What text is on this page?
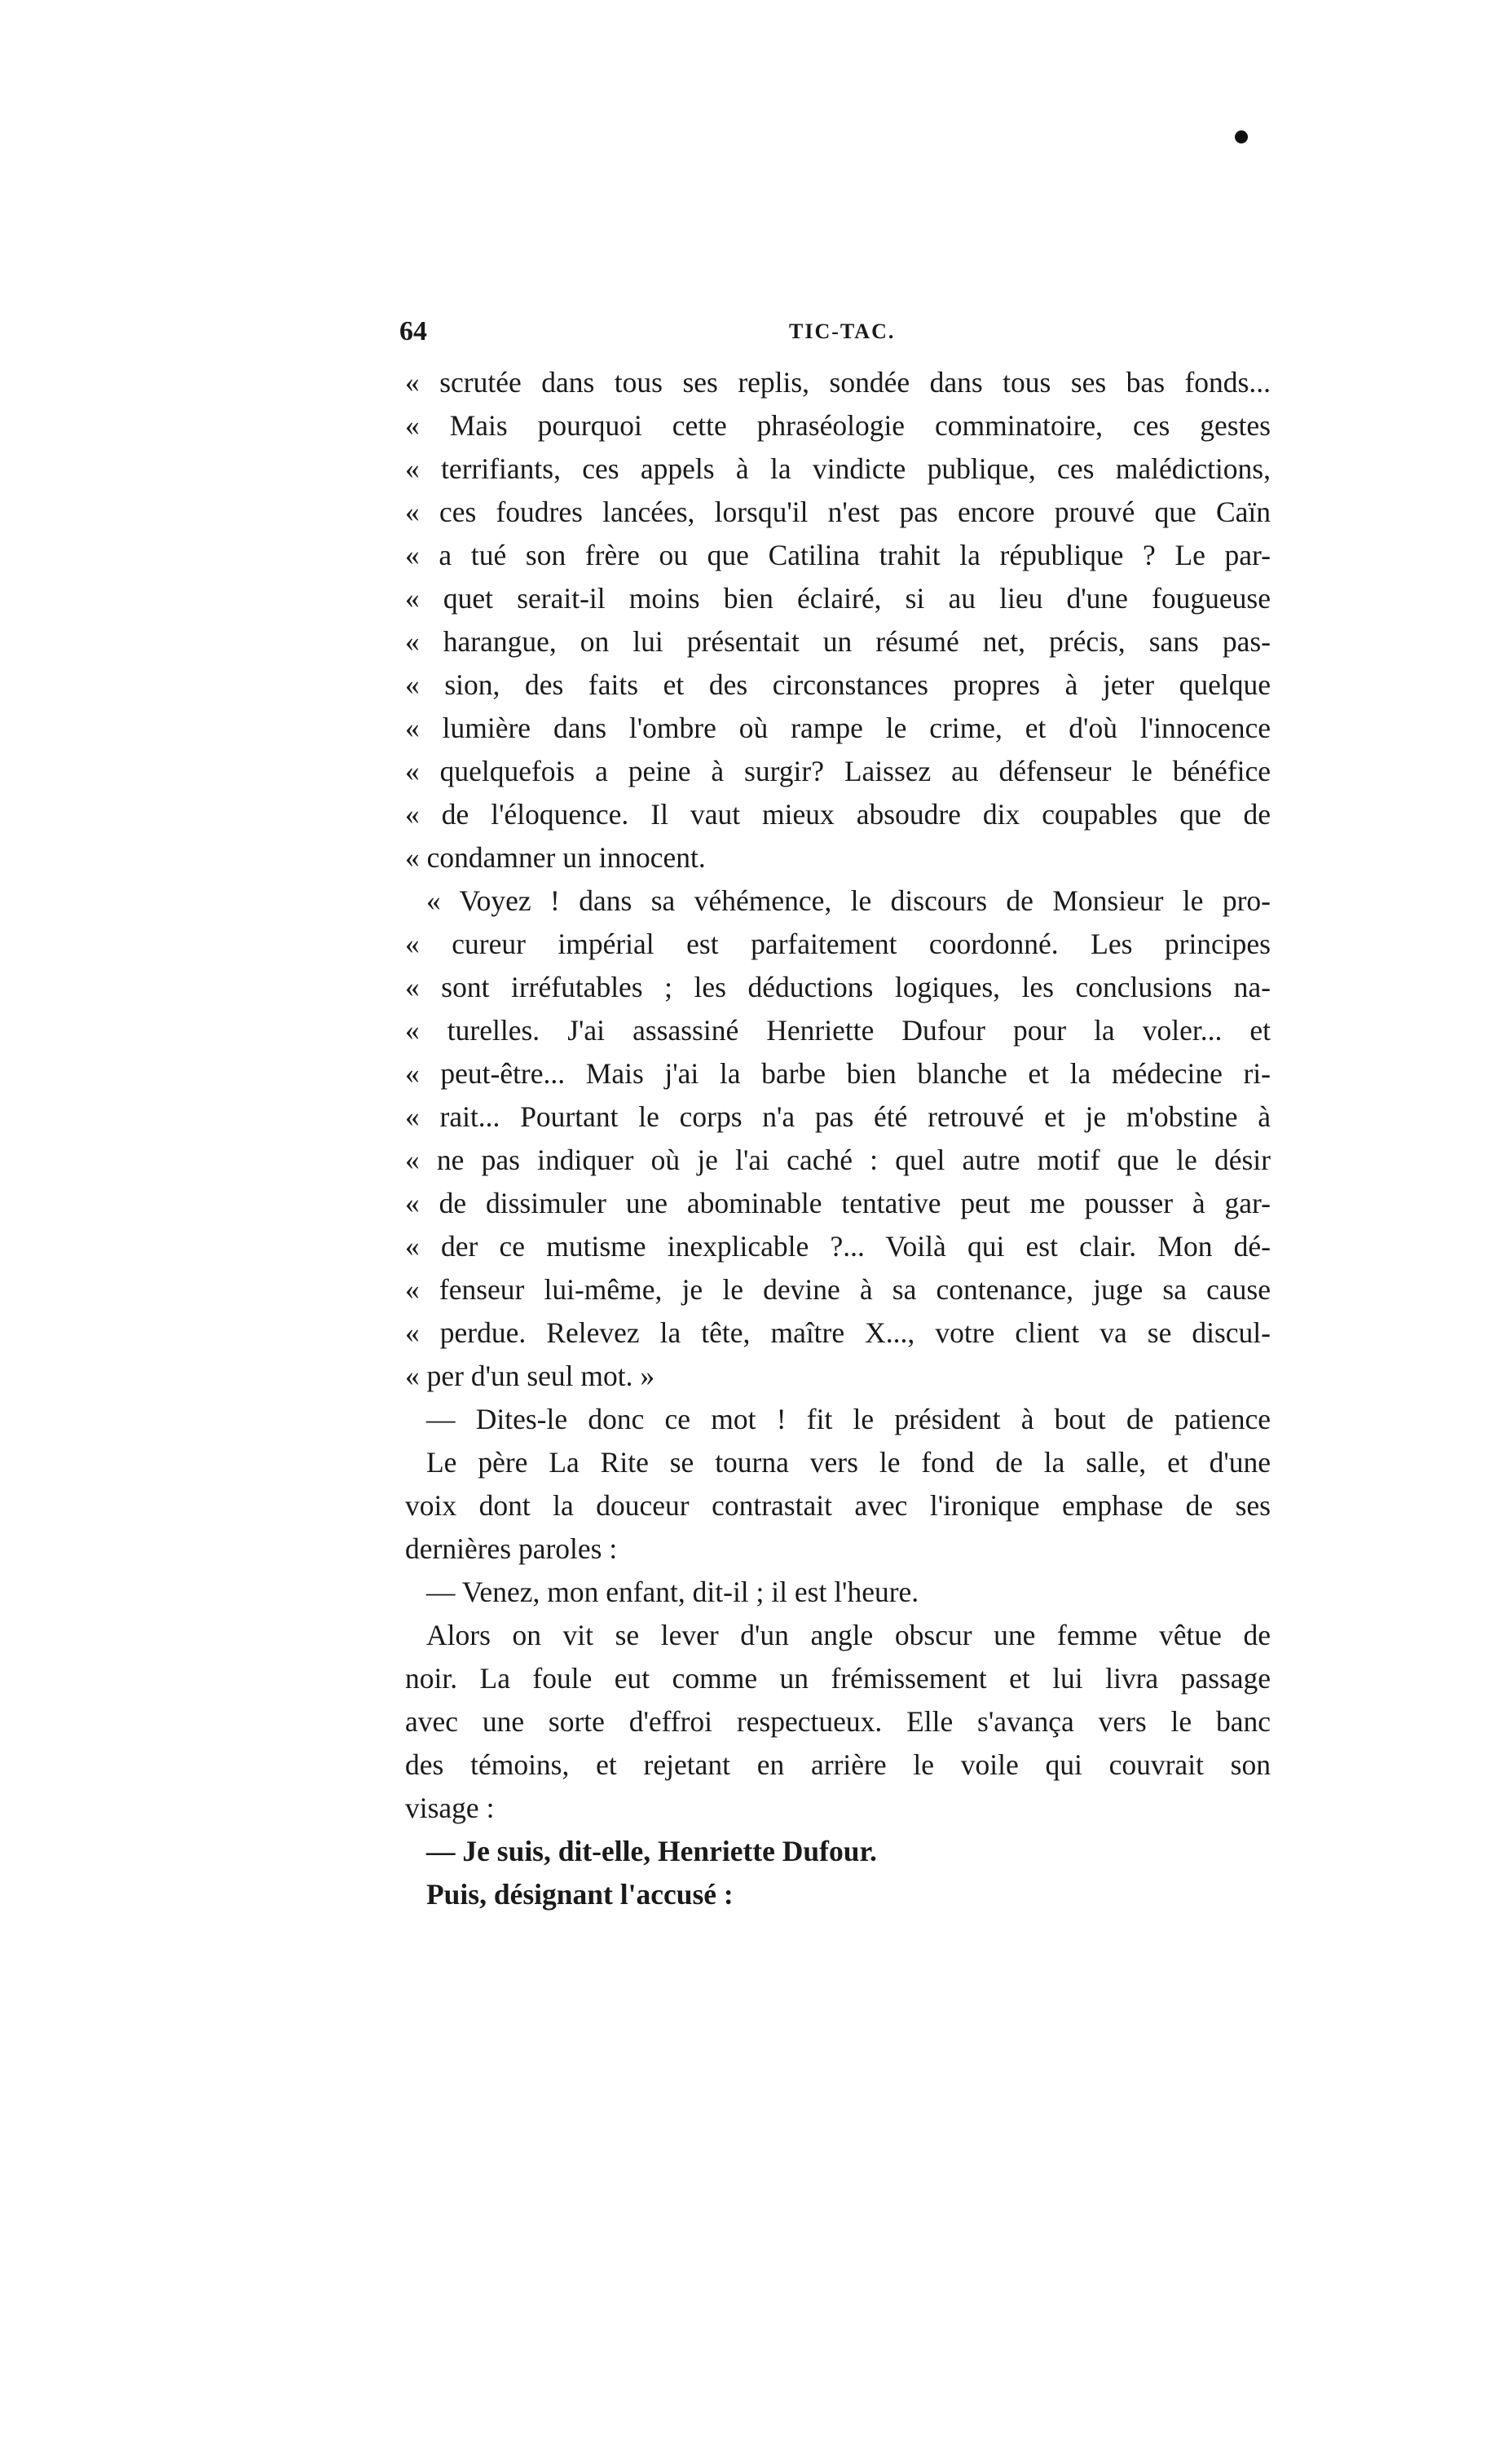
64	TIC-TAC.
« scrutée dans tous ses replis, sondée dans tous ses bas fonds...
« Mais pourquoi cette phraséologie comminatoire, ces gestes
« terrifiants, ces appels à la vindicte publique, ces malédictions,
« ces foudres lancées, lorsqu'il n'est pas encore prouvé que Caïn
« a tué son frère ou que Catilina trahit la république ? Le par-
« quet serait-il moins bien éclairé, si au lieu d'une fougueuse
« harangue, on lui présentait un résumé net, précis, sans pas-
« sion, des faits et des circonstances propres à jeter quelque
« lumière dans l'ombre où rampe le crime, et d'où l'innocence
« quelquefois a peine à surgir? Laissez au défenseur le bénéfice
« de l'éloquence. Il vaut mieux absoudre dix coupables que de
« condamner un innocent.
« Voyez ! dans sa véhémence, le discours de Monsieur le pro-
« cureur impérial est parfaitement coordonné. Les principes
« sont irréfutables ; les déductions logiques, les conclusions na-
« turelles. J'ai assassiné Henriette Dufour pour la voler... et
« peut-être... Mais j'ai la barbe bien blanche et la médecine ri-
« rait... Pourtant le corps n'a pas été retrouvé et je m'obstine à
« ne pas indiquer où je l'ai caché : quel autre motif que le désir
« de dissimuler une abominable tentative peut me pousser à gar-
« der ce mutisme inexplicable ?... Voilà qui est clair. Mon dé-
« fenseur lui-même, je le devine à sa contenance, juge sa cause
« perdue. Relevez la tête, maître X..., votre client va se discul-
« per d'un seul mot. »
— Dites-le donc ce mot ! fit le président à bout de patience
Le père La Rite se tourna vers le fond de la salle, et d'une
voix dont la douceur contrastait avec l'ironique emphase de ses
dernières paroles :
— Venez, mon enfant, dit-il ; il est l'heure.
Alors on vit se lever d'un angle obscur une femme vêtue de
noir. La foule eut comme un frémissement et lui livra passage
avec une sorte d'effroi respectueux. Elle s'avança vers le banc
des témoins, et rejetant en arrière le voile qui couvrait son
visage :
— Je suis, dit-elle, Henriette Dufour.
Puis, désignant l'accusé :
